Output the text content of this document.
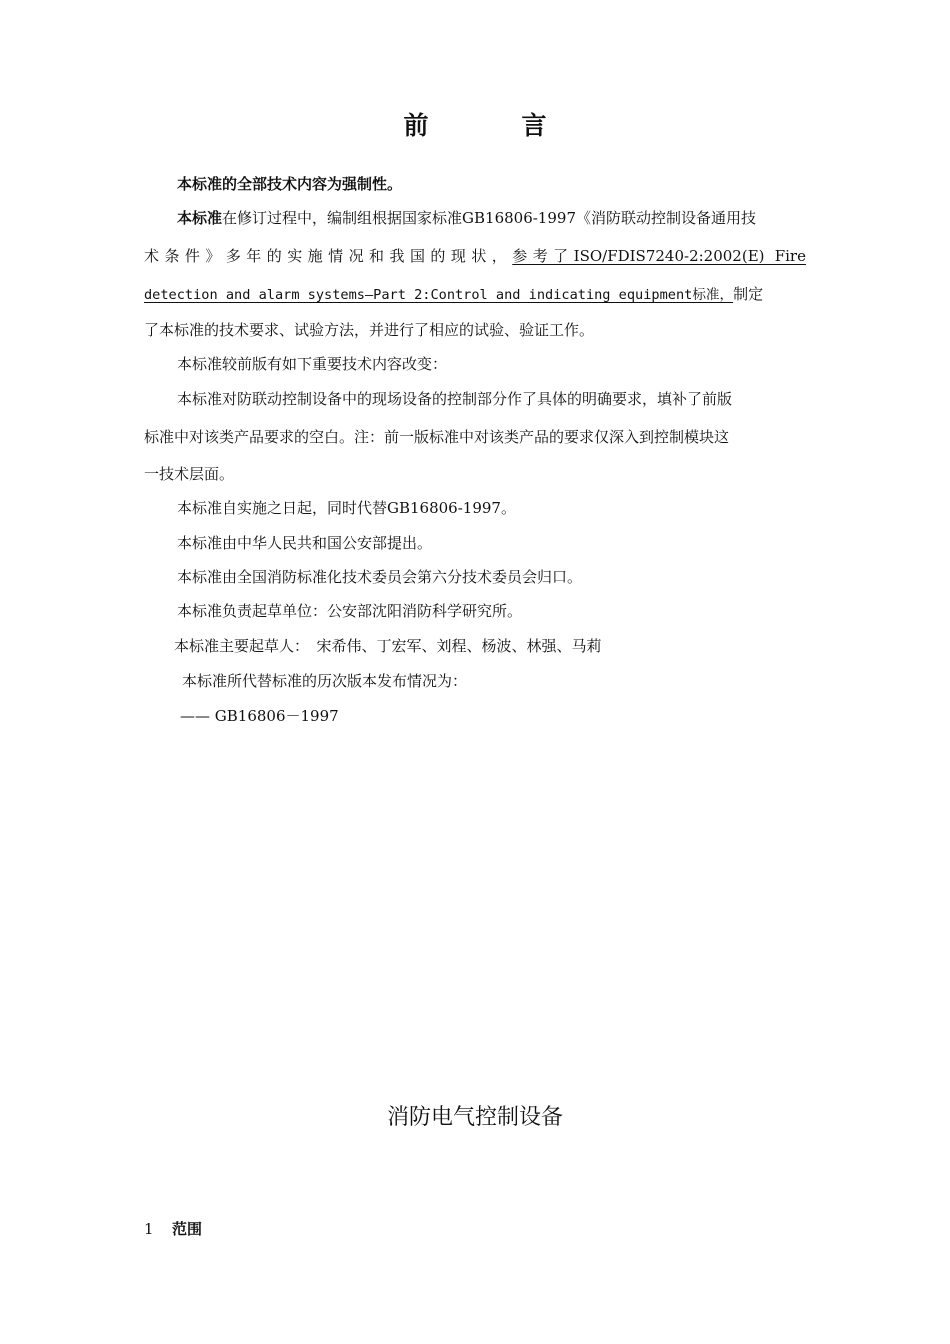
前　言
本标准的全部技术内容为强制性。
本标准在修订过程中，编制组根据国家标准GB16806-1997《消防联动控制设备通用技
术条件》多年的实施情况和我国的现状，参考了ISO/FDIS7240-2:2002(E) Fire
detection and alarm systems—Part 2:Control and indicating equipment标准，制定
了本标准的技术要求、试验方法，并进行了相应的试验、验证工作。
本标准较前版有如下重要技术内容改变：
本标准对防联动控制设备中的现场设备的控制部分作了具体的明确要求，填补了前版
标准中对该类产品要求的空白。注：前一版标准中对该类产品的要求仅深入到控制模块这
一技术层面。
本标准自实施之日起，同时代替GB16806-1997。
本标准由中华人民共和国公安部提出。
本标准由全国消防标准化技术委员会第六分技术委员会归口。
本标准负责起草单位：公安部沈阳消防科学研究所。
本标准主要起草人：　宋希伟、丁宏军、刘程、杨波、林强、马莉
本标准所代替标准的历次版本发布情况为：
—— GB16806－1997
消防电气控制设备
1 范围
